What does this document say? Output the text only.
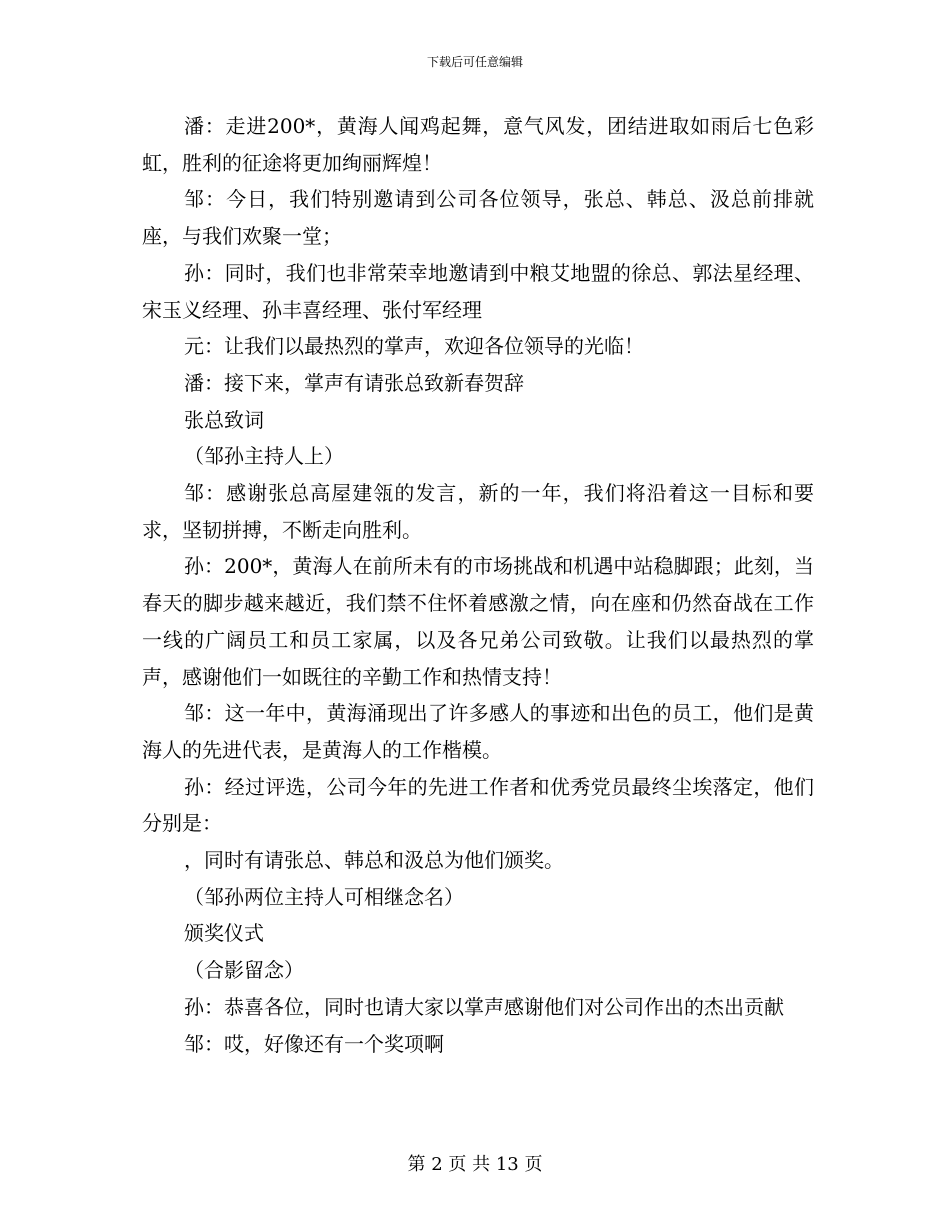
下载后可任意编辑

潘：走进200*，黄海人闻鸡起舞，意气风发，团结进取如雨后七色彩虹，胜利的征途将更加绚丽辉煌！

邹：今日，我们特别邀请到公司各位领导，张总、韩总、汲总前排就座，与我们欢聚一堂；

孙：同时，我们也非常荣幸地邀请到中粮艾地盟的徐总、郭法星经理、宋玉义经理、孙丰喜经理、张付军经理

元：让我们以最热烈的掌声，欢迎各位领导的光临！

潘：接下来，掌声有请张总致新春贺辞

张总致词

（邹孙主持人上）

邹：感谢张总高屋建瓴的发言，新的一年，我们将沿着这一目标和要求，坚韧拼搏，不断走向胜利。

孙：200*，黄海人在前所未有的市场挑战和机遇中站稳脚跟；此刻，当春天的脚步越来越近，我们禁不住怀着感激之情，向在座和仍然奋战在工作一线的广阔员工和员工家属，以及各兄弟公司致敬。让我们以最热烈的掌声，感谢他们一如既往的辛勤工作和热情支持！

邹：这一年中，黄海涌现出了许多感人的事迹和出色的员工，他们是黄海人的先进代表，是黄海人的工作楷模。

孙：经过评选，公司今年的先进工作者和优秀党员最终尘埃落定，他们分别是：

，同时有请张总、韩总和汲总为他们颁奖。

（邹孙两位主持人可相继念名）

颁奖仪式

（合影留念）

孙：恭喜各位，同时也请大家以掌声感谢他们对公司作出的杰出贡献

邹：哎，好像还有一个奖项啊

第 2 页 共 13 页
